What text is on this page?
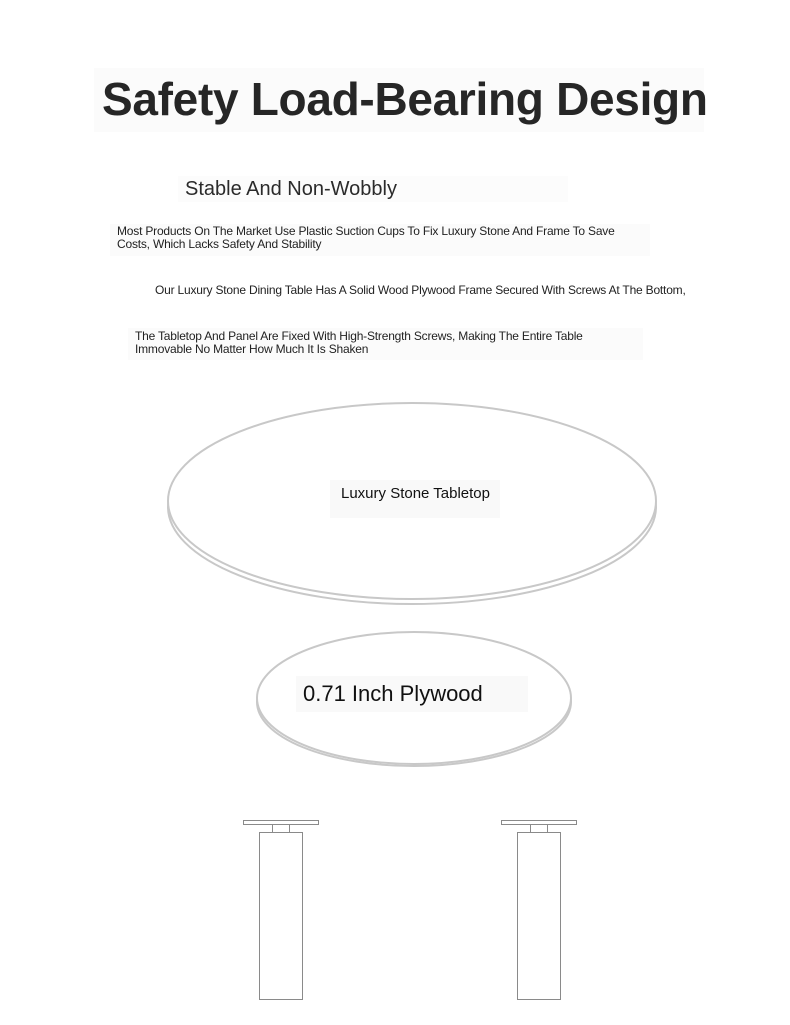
Safety Load-Bearing Design
Stable And Non-Wobbly

Most Products On The Market Use Plastic Suction Cups To Fix Luxury Stone And Frame To Save Costs, Which Lacks Safety And Stability

Our Luxury Stone Dining Table Has A Solid Wood Plywood Frame Secured With Screws At The Bottom,

The Tabletop And Panel Are Fixed With High-Strength Screws, Making The Entire Table Immovable No Matter How Much It Is Shaken

Luxury Stone Tabletop
0.71 Inch Plywood
